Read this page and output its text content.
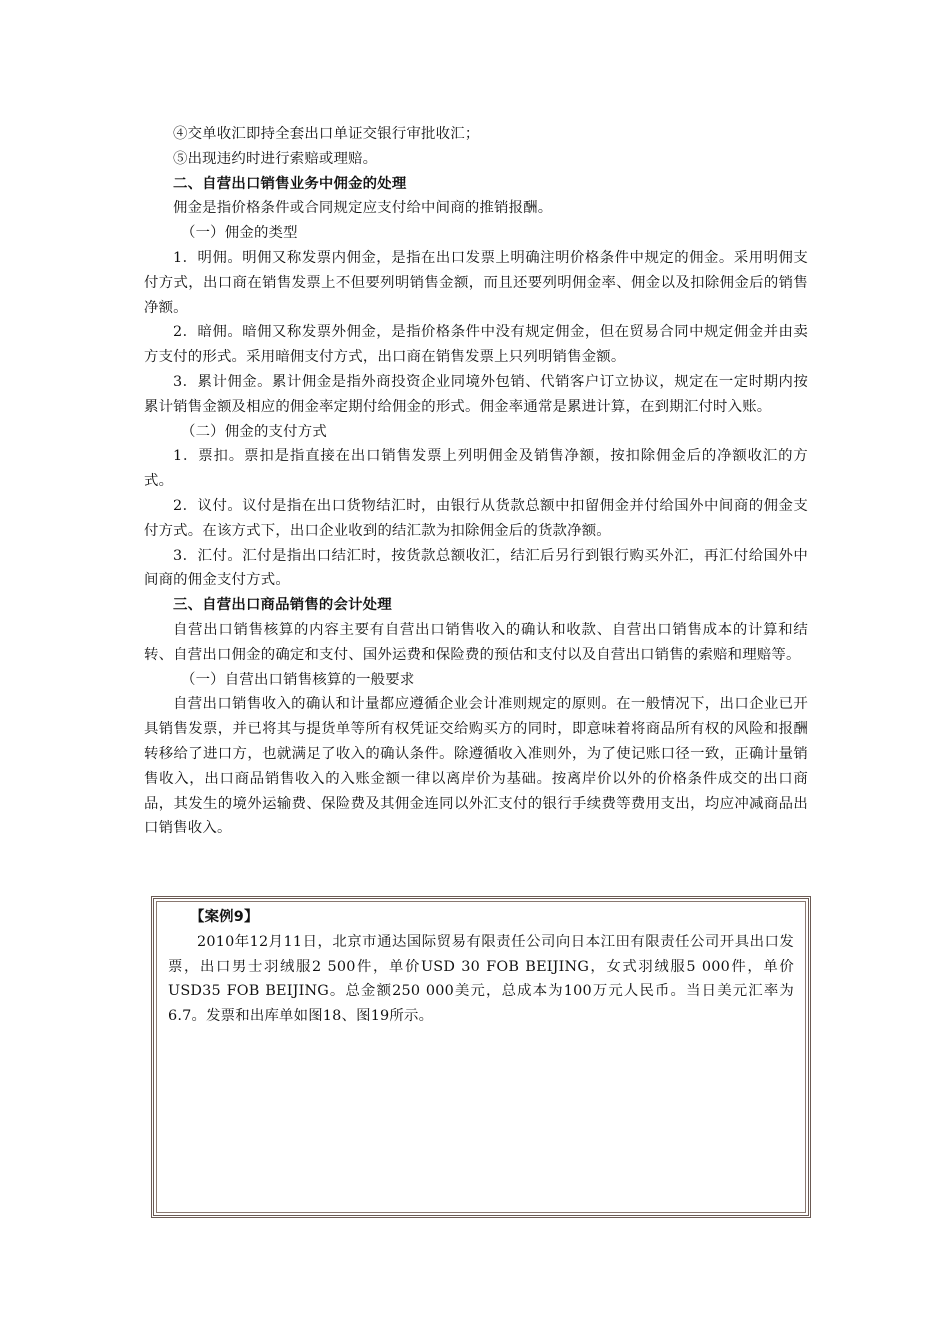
④交单收汇即持全套出口单证交银行审批收汇；
⑤出现违约时进行索赔或理赔。
二、自营出口销售业务中佣金的处理

佣金是指价格条件或合同规定应支付给中间商的推销报酬。

（一）佣金的类型

1．明佣。明佣又称发票内佣金，是指在出口发票上明确注明价格条件中规定的佣金。采用明佣支付方式，出口商在销售发票上不但要列明销售金额，而且还要列明佣金率、佣金以及扣除佣金后的销售净额。

2．暗佣。暗佣又称发票外佣金，是指价格条件中没有规定佣金，但在贸易合同中规定佣金并由卖方支付的形式。采用暗佣支付方式，出口商在销售发票上只列明销售金额。

3．累计佣金。累计佣金是指外商投资企业同境外包销、代销客户订立协议，规定在一定时期内按累计销售金额及相应的佣金率定期付给佣金的形式。佣金率通常是累进计算，在到期汇付时入账。

（二）佣金的支付方式

1．票扣。票扣是指直接在出口销售发票上列明佣金及销售净额，按扣除佣金后的净额收汇的方式。

2．议付。议付是指在出口货物结汇时，由银行从货款总额中扣留佣金并付给国外中间商的佣金支付方式。在该方式下，出口企业收到的结汇款为扣除佣金后的货款净额。

3．汇付。汇付是指出口结汇时，按货款总额收汇，结汇后另行到银行购买外汇，再汇付给国外中间商的佣金支付方式。

三、自营出口商品销售的会计处理

自营出口销售核算的内容主要有自营出口销售收入的确认和收款、自营出口销售成本的计算和结转、自营出口佣金的确定和支付、国外运费和保险费的预估和支付以及自营出口销售的索赔和理赔等。

（一）自营出口销售核算的一般要求

自营出口销售收入的确认和计量都应遵循企业会计准则规定的原则。在一般情况下，出口企业已开具销售发票，并已将其与提货单等所有权凭证交给购买方的同时，即意味着将商品所有权的风险和报酬转移给了进口方，也就满足了收入的确认条件。除遵循收入准则外，为了使记账口径一致，正确计量销售收入，出口商品销售收入的入账金额一律以离岸价为基础。按离岸价以外的价格条件成交的出口商品，其发生的境外运输费、保险费及其佣金连同以外汇支付的银行手续费等费用支出，均应冲减商品出口销售收入。

【案例9】

2010年12月11日，北京市通达国际贸易有限责任公司向日本江田有限责任公司开具出口发票，出口男士羽绒服2 500件，单价USD 30 FOB BEIJING，女式羽绒服5 000件，单价USD35 FOB BEIJING。总金额250 000美元，总成本为100万元人民币。当日美元汇率为6.7。发票和出库单如图18、图19所示。
